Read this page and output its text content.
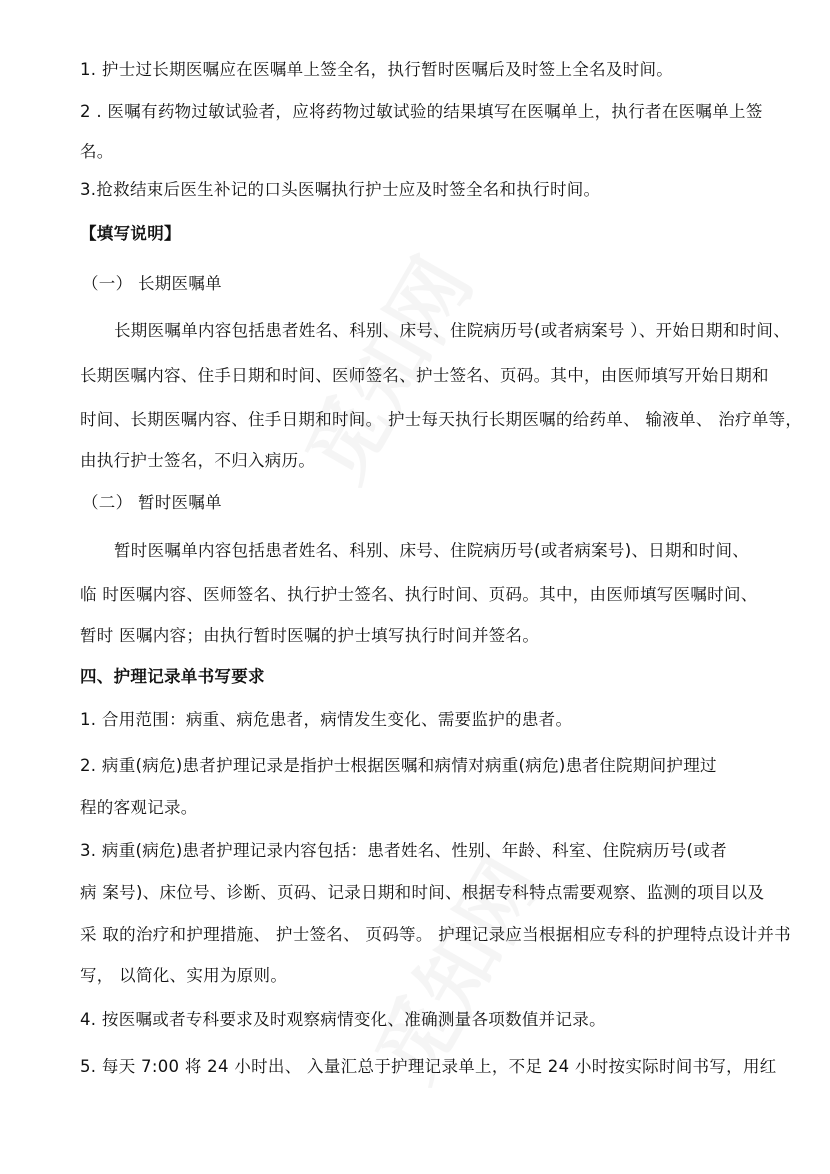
1. 护士过长期医嘱应在医嘱单上签全名，执行暂时医嘱后及时签上全名及时间。
2 . 医嘱有药物过敏试验者，应将药物过敏试验的结果填写在医嘱单上，执行者在医嘱单上签
名。
3.抢救结束后医生补记的口头医嘱执行护士应及时签全名和执行时间。
【填写说明】
（一） 长期医嘱单
长期医嘱单内容包括患者姓名、科别、床号、住院病历号(或者病案号 ）、开始日期和时间、
长期医嘱内容、住手日期和时间、医师签名、护士签名、页码。其中，由医师填写开始日期和
时间、长期医嘱内容、住手日期和时间。 护士每天执行长期医嘱的给药单、 输液单、 治疗单等，
由执行护士签名，不归入病历。
（二） 暂时医嘱单
暂时医嘱单内容包括患者姓名、科别、床号、住院病历号(或者病案号)、日期和时间、
临 时医嘱内容、医师签名、执行护士签名、执行时间、页码。其中，由医师填写医嘱时间、
暂时 医嘱内容；由执行暂时医嘱的护士填写执行时间并签名。
四、护理记录单书写要求
1. 合用范围：病重、病危患者，病情发生变化、需要监护的患者。
2. 病重(病危)患者护理记录是指护士根据医嘱和病情对病重(病危)患者住院期间护理过
程的客观记录。
3. 病重(病危)患者护理记录内容包括：患者姓名、性别、年龄、科室、住院病历号(或者
病 案号)、床位号、诊断、页码、记录日期和时间、根据专科特点需要观察、监测的项目以及
采 取的治疗和护理措施、 护士签名、 页码等。 护理记录应当根据相应专科的护理特点设计并书
写， 以简化、实用为原则。
4. 按医嘱或者专科要求及时观察病情变化、准确测量各项数值并记录。
5. 每天 7:00 将 24 小时出、 入量汇总于护理记录单上，不足 24 小时按实际时间书写，用红
